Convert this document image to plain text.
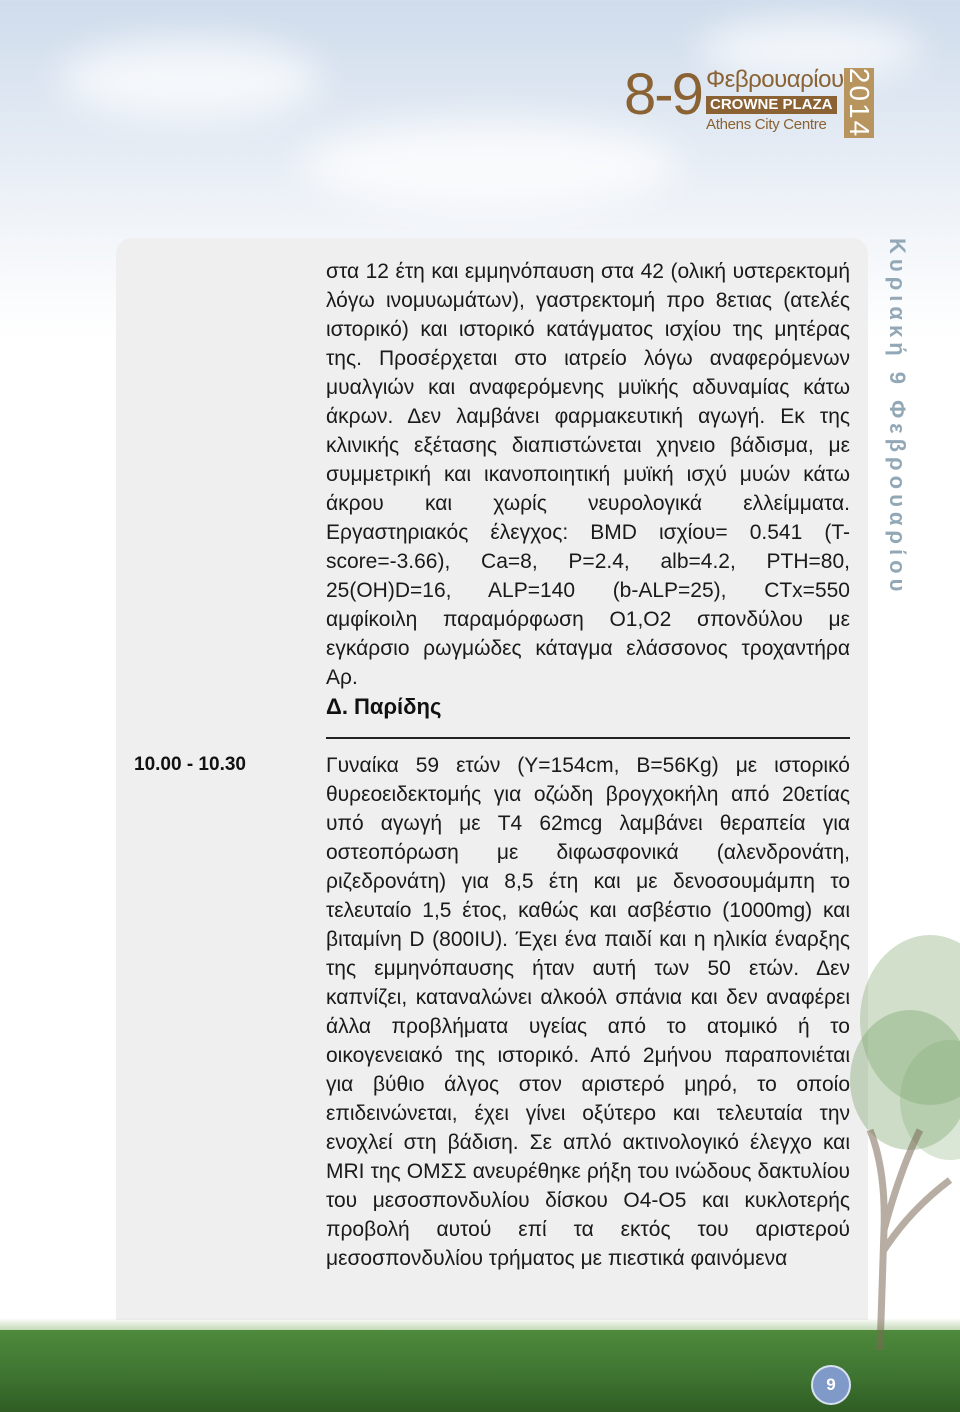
8-9 Φεβρουαρίου
CROWNE PLAZA
Athens City Centre 2014
Κυριακή 9 Φεβρουαρίου
στα 12 έτη και εμμηνόπαυση στα 42 (ολική υστερεκτομή λόγω ινομυωμάτων), γαστρεκτομή προ 8ετιας (ατελές ιστορικό) και ιστορικό κατάγματος ισχίου της μητέρας της. Προσέρχεται στο ιατρείο λόγω αναφερόμενων μυαλγιών και αναφερόμενης μυϊκής αδυναμίας κάτω άκρων. Δεν λαμβάνει φαρμακευτική αγωγή. Εκ της κλινικής εξέτασης διαπιστώνεται χηνειο βάδισμα, με συμμετρική και ικανοποιητική μυϊκή ισχύ μυών κάτω άκρου και χωρίς νευρολογικά ελλείμματα. Εργαστηριακός έλεγχος: BMD ισχίου= 0.541 (T-score=-3.66), Ca=8, P=2.4, alb=4.2, PTH=80, 25(OH)D=16, ALP=140 (b-ALP=25), CTx=550 αμφίκοιλη παραμόρφωση Ο1,Ο2 σπονδύλου με εγκάρσιο ρωγμώδες κάταγμα ελάσσονος τροχαντήρα Αρ.
Δ. Παρίδης
10.00 - 10.30	Γυναίκα 59 ετών (Y=154cm, B=56Kg) με ιστορικό θυρεοειδεκτομής για οζώδη βρογχοκήλη από 20ετίας υπό αγωγή με T4 62mcg λαμβάνει θεραπεία για οστεοπόρωση με διφωσφονικά (αλενδρονάτη, ριζεδρονάτη) για 8,5 έτη και με δενοσουμάμπη το τελευταίο 1,5 έτος, καθώς και ασβέστιο (1000mg) και βιταμίνη D (800IU). Έχει ένα παιδί και η ηλικία έναρξης της εμμηνόπαυσης ήταν αυτή των 50 ετών. Δεν καπνίζει, καταναλώνει αλκοόλ σπάνια και δεν αναφέρει άλλα προβλήματα υγείας από το ατομικό ή το οικογενειακό της ιστορικό. Από 2μήνου παραπονιέται για βύθιο άλγος στον αριστερό μηρό, το οποίο επιδεινώνεται, έχει γίνει οξύτερο και τελευταία την ενοχλεί στη βάδιση. Σε απλό ακτινολογικό έλεγχο και MRI της ΟΜΣΣ ανευρέθηκε ρήξη του ινώδους δακτυλίου του μεσοσπονδυλίου δίσκου Ο4-Ο5 και κυκλοτερής προβολή αυτού επί τα εκτός του αριστερού μεσοσπονδυλίου τρήματος με πιεστικά φαινόμενα
9
